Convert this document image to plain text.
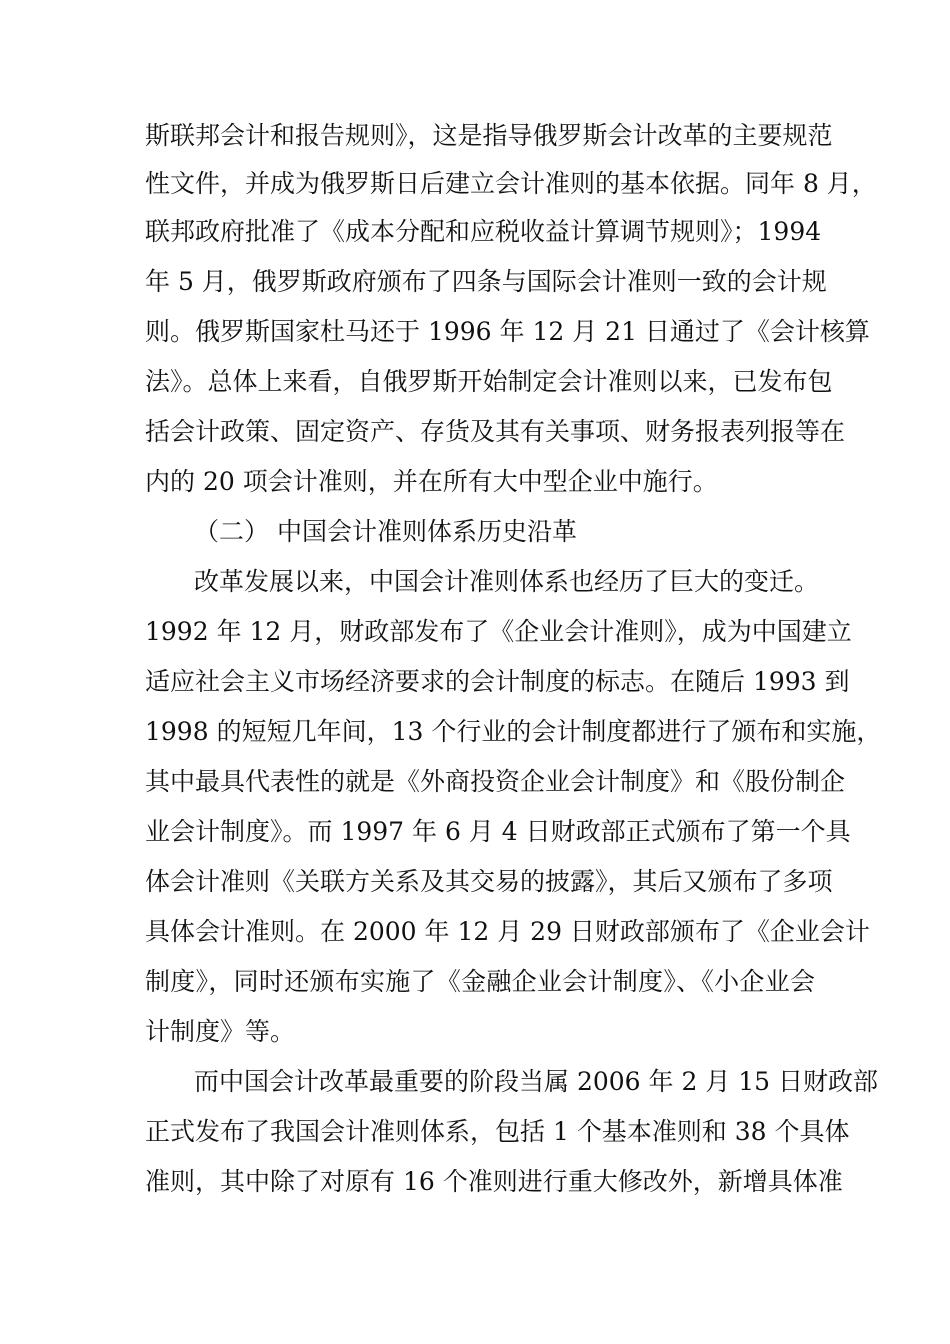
斯联邦会计和报告规则》，这是指导俄罗斯会计改革的主要规范
性文件，并成为俄罗斯日后建立会计准则的基本依据。同年 8 月，
联邦政府批准了《成本分配和应税收益计算调节规则》；1994
年 5 月，俄罗斯政府颁布了四条与国际会计准则一致的会计规
则。俄罗斯国家杜马还于 1996 年 12 月 21 日通过了《会计核算
法》。总体上来看，自俄罗斯开始制定会计准则以来，已发布包
括会计政策、固定资产、存货及其有关事项、财务报表列报等在
内的 20 项会计准则，并在所有大中型企业中施行。
（二） 中国会计准则体系历史沿革
改革发展以来，中国会计准则体系也经历了巨大的变迁。
1992 年 12 月，财政部发布了《企业会计准则》，成为中国建立
适应社会主义市场经济要求的会计制度的标志。在随后 1993 到
1998 的短短几年间，13 个行业的会计制度都进行了颁布和实施，
其中最具代表性的就是《外商投资企业会计制度》和《股份制企
业会计制度》。而 1997 年 6 月 4 日财政部正式颁布了第一个具
体会计准则《关联方关系及其交易的披露》，其后又颁布了多项
具体会计准则。在 2000 年 12 月 29 日财政部颁布了《企业会计
制度》，同时还颁布实施了《金融企业会计制度》、《小企业会
计制度》等。
而中国会计改革最重要的阶段当属 2006 年 2 月 15 日财政部
正式发布了我国会计准则体系，包括 1 个基本准则和 38 个具体
准则，其中除了对原有 16 个准则进行重大修改外，新增具体准
